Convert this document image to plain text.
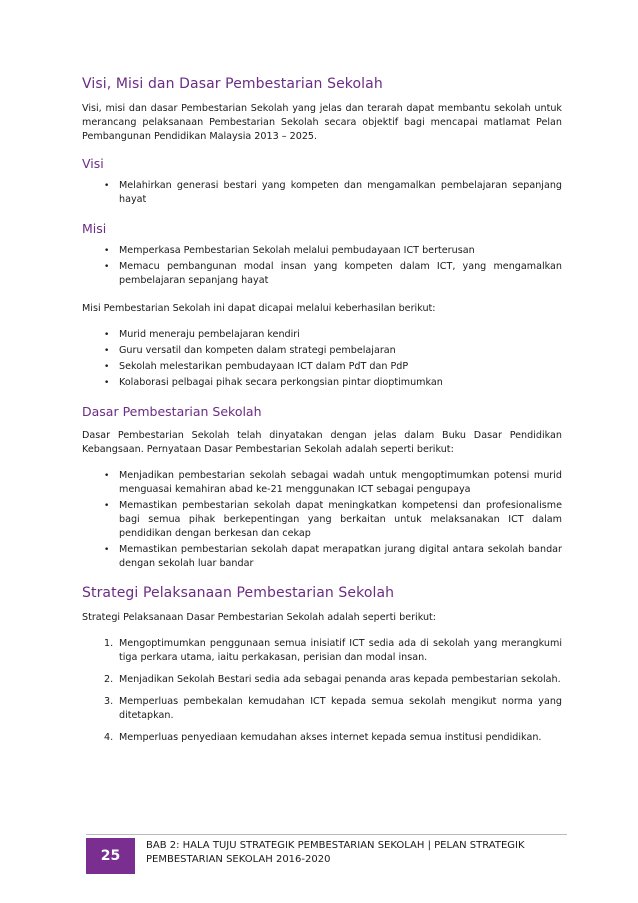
Visi, Misi dan Dasar Pembestarian Sekolah

Visi, misi dan dasar Pembestarian Sekolah yang jelas dan terarah dapat membantu sekolah untuk merancang pelaksanaan Pembestarian Sekolah secara objektif bagi mencapai matlamat Pelan Pembangunan Pendidikan Malaysia 2013 – 2025.

Visi
• Melahirkan generasi bestari yang kompeten dan mengamalkan pembelajaran sepanjang hayat
Misi
• Memperkasa Pembestarian Sekolah melalui pembudayaan ICT berterusan
• Memacu pembangunan modal insan yang kompeten dalam ICT, yang mengamalkan pembelajaran sepanjang hayat

Misi Pembestarian Sekolah ini dapat dicapai melalui keberhasilan berikut:

• Murid meneraju pembelajaran kendiri
• Guru versatil dan kompeten dalam strategi pembelajaran
• Sekolah melestarikan pembudayaan ICT dalam PdT dan PdP
• Kolaborasi pelbagai pihak secara perkongsian pintar dioptimumkan
Dasar Pembestarian Sekolah

Dasar Pembestarian Sekolah telah dinyatakan dengan jelas dalam Buku Dasar Pendidikan Kebangsaan. Pernyataan Dasar Pembestarian Sekolah adalah seperti berikut:

• Menjadikan pembestarian sekolah sebagai wadah untuk mengoptimumkan potensi murid menguasai kemahiran abad ke-21 menggunakan ICT sebagai pengupaya
• Memastikan pembestarian sekolah dapat meningkatkan kompetensi dan profesionalisme bagi semua pihak berkepentingan yang berkaitan untuk melaksanakan ICT dalam pendidikan dengan berkesan dan cekap
• Memastikan pembestarian sekolah dapat merapatkan jurang digital antara sekolah bandar dengan sekolah luar bandar
Strategi Pelaksanaan Pembestarian Sekolah

Strategi Pelaksanaan Dasar Pembestarian Sekolah adalah seperti berikut:

1. Mengoptimumkan penggunaan semua inisiatif ICT sedia ada di sekolah yang merangkumi tiga perkara utama, iaitu perkakasan, perisian dan modal insan.
2. Menjadikan Sekolah Bestari sedia ada sebagai penanda aras kepada pembestarian sekolah.
3. Memperluas pembekalan kemudahan ICT kepada semua sekolah mengikut norma yang ditetapkan.
4. Memperluas penyediaan kemudahan akses internet kepada semua institusi pendidikan.
25
BAB 2: HALA TUJU STRATEGIK PEMBESTARIAN SEKOLAH | PELAN STRATEGIK PEMBESTARIAN SEKOLAH 2016-2020
